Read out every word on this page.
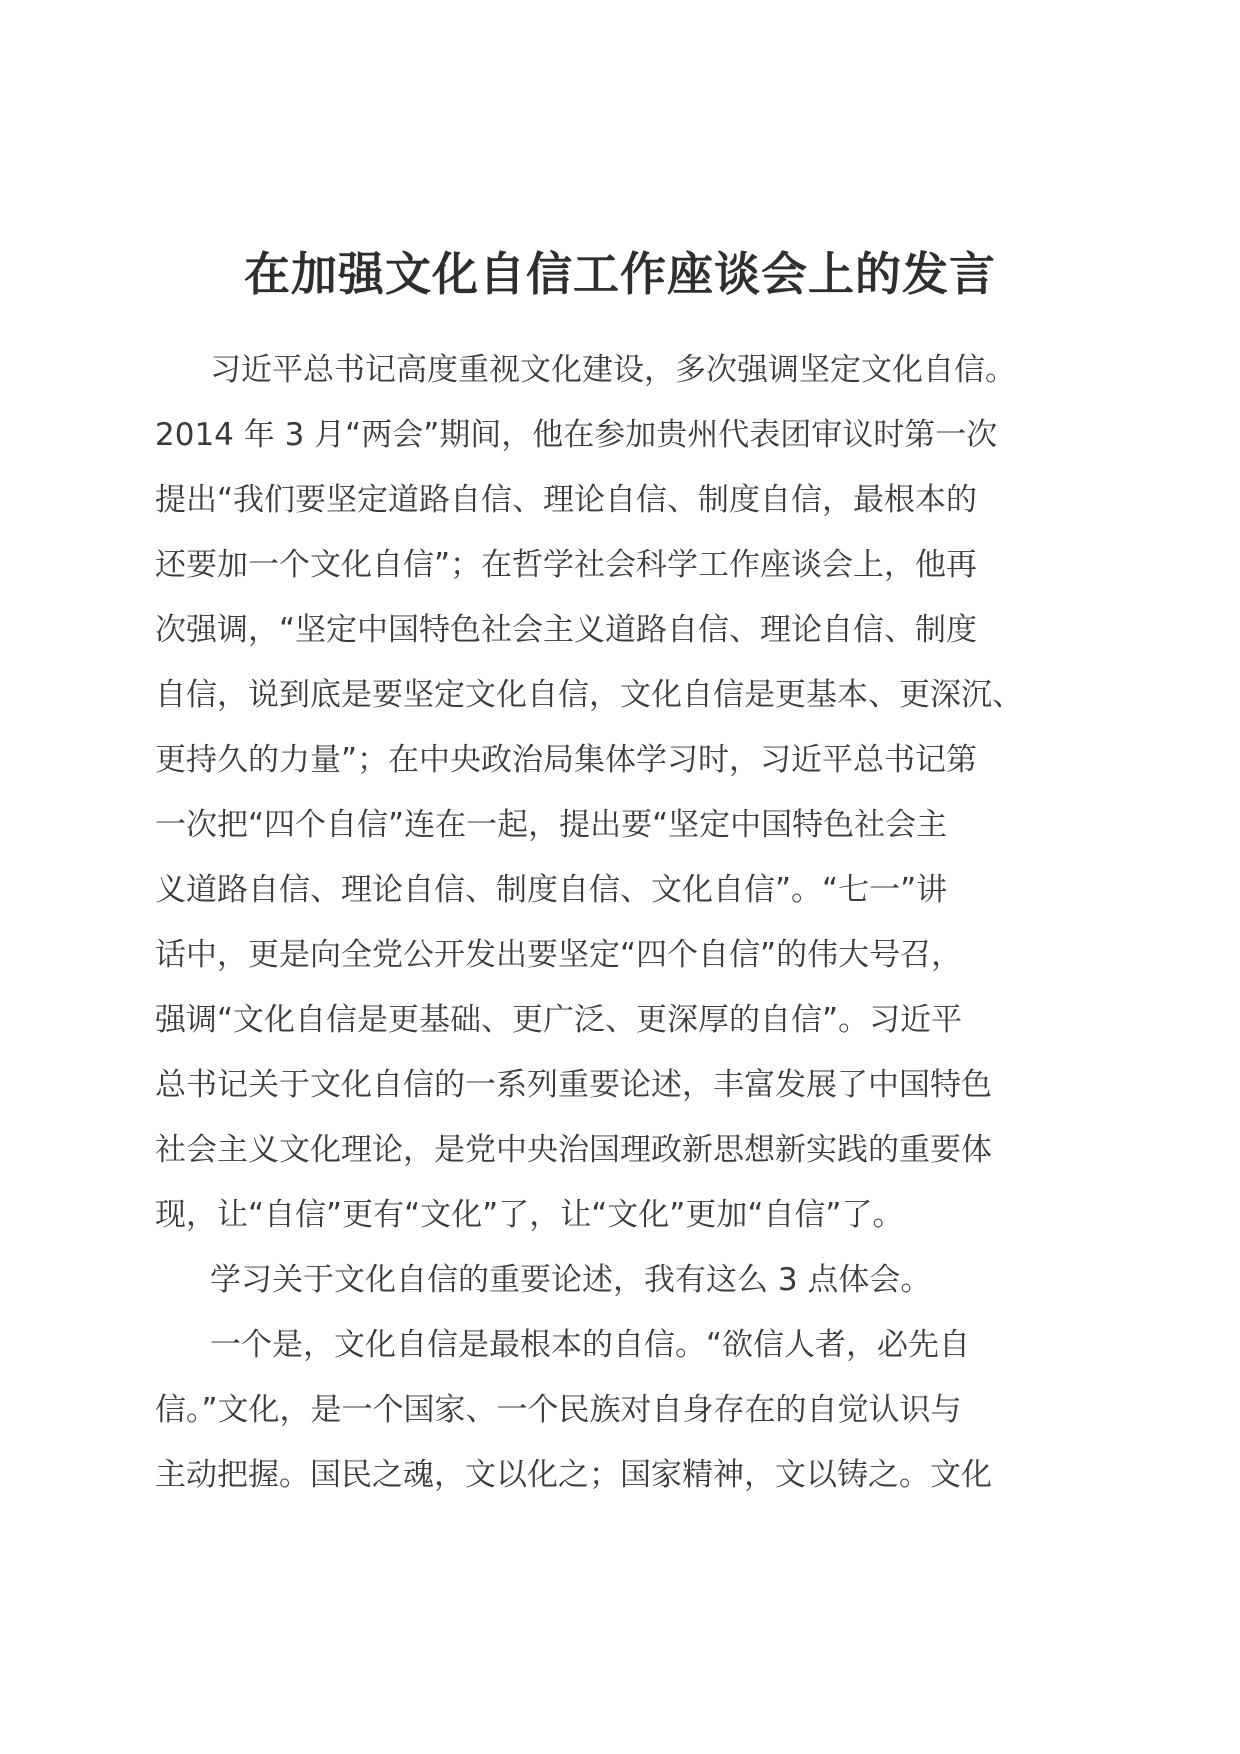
在加强文化自信工作座谈会上的发言
习近平总书记高度重视文化建设，多次强调坚定文化自信。
2014 年 3 月“两会”期间，他在参加贵州代表团审议时第一次
提出“我们要坚定道路自信、理论自信、制度自信，最根本的
还要加一个文化自信”；在哲学社会科学工作座谈会上，他再
次强调，“坚定中国特色社会主义道路自信、理论自信、制度
自信，说到底是要坚定文化自信，文化自信是更基本、更深沉、
更持久的力量”；在中央政治局集体学习时，习近平总书记第
一次把“四个自信”连在一起，提出要“坚定中国特色社会主
义道路自信、理论自信、制度自信、文化自信”。“七一”讲
话中，更是向全党公开发出要坚定“四个自信”的伟大号召，
强调“文化自信是更基础、更广泛、更深厚的自信”。习近平
总书记关于文化自信的一系列重要论述，丰富发展了中国特色
社会主义文化理论，是党中央治国理政新思想新实践的重要体
现，让“自信”更有“文化”了，让“文化”更加“自信”了。
学习关于文化自信的重要论述，我有这么 3 点体会。
一个是，文化自信是最根本的自信。“欲信人者，必先自
信。”文化，是一个国家、一个民族对自身存在的自觉认识与
主动把握。国民之魂，文以化之；国家精神，文以铸之。文化
